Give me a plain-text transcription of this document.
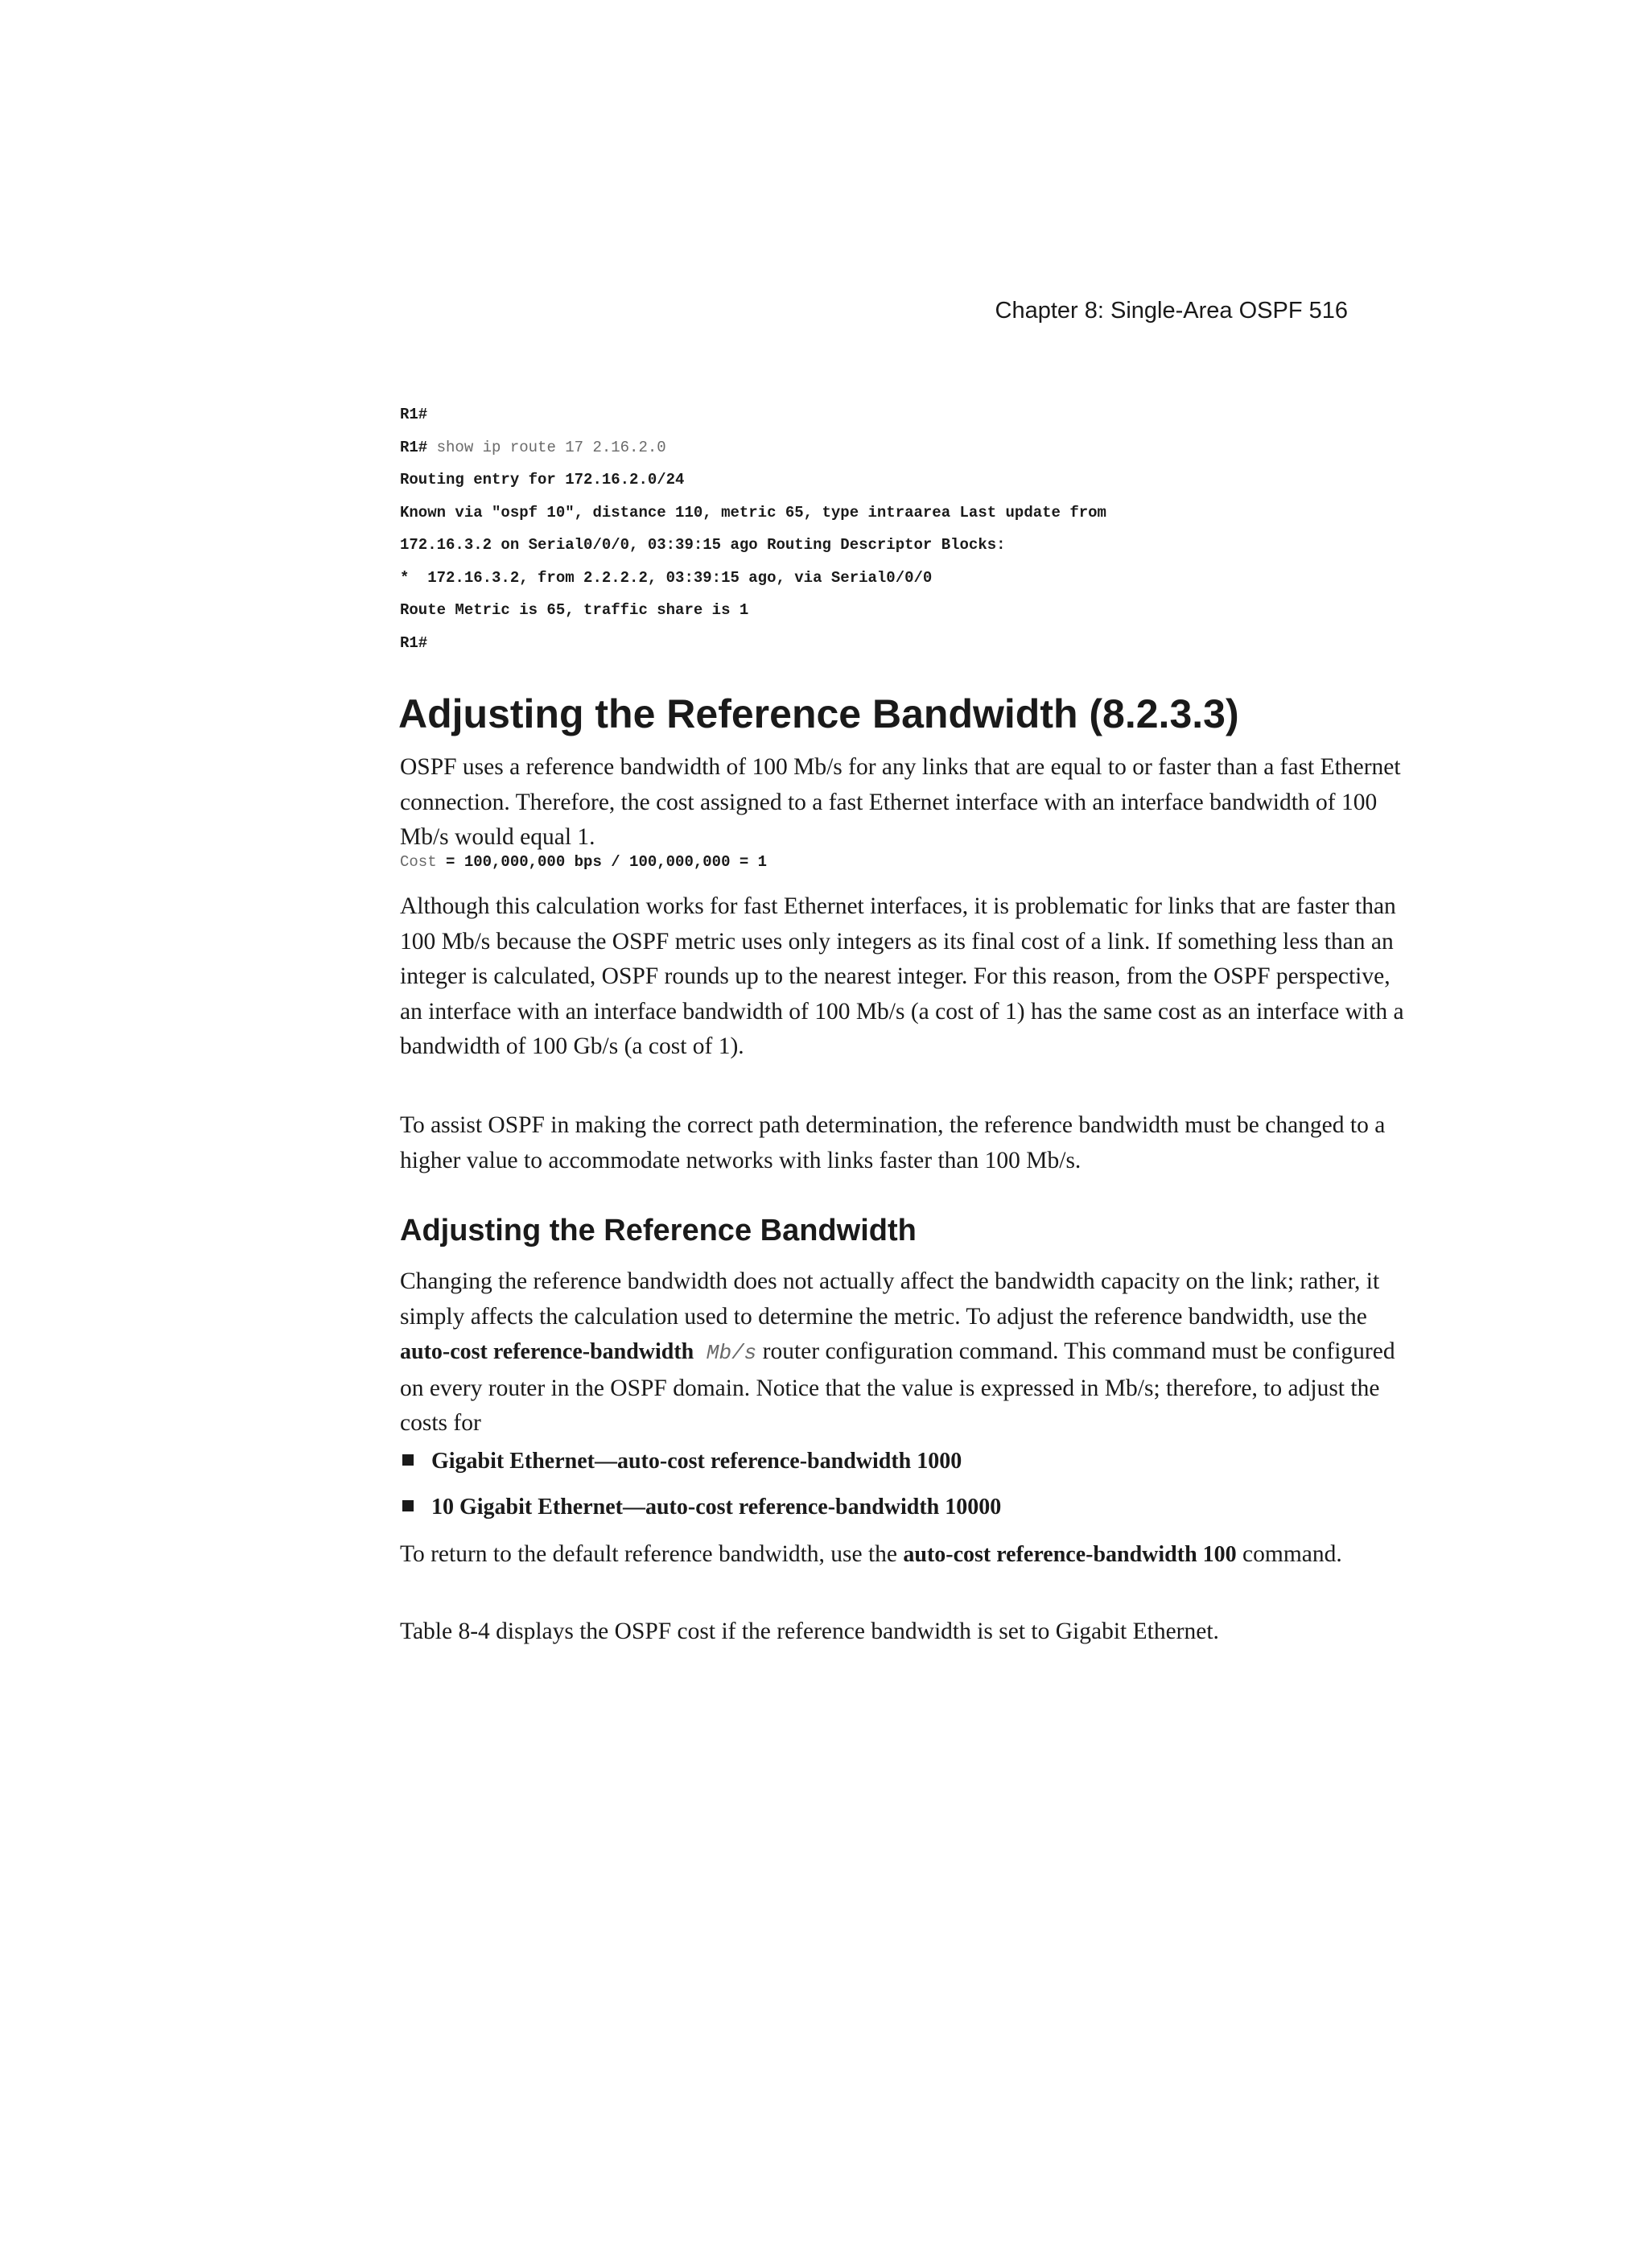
Chapter 8: Single-Area OSPF 516
R1#
R1# show ip route 17 2.16.2.0
Routing entry for 172.16.2.0/24
Known via "ospf 10", distance 110, metric 65, type intraarea Last update from
172.16.3.2 on Serial0/0/0, 03:39:15 ago Routing Descriptor Blocks:
*  172.16.3.2, from 2.2.2.2, 03:39:15 ago, via Serial0/0/0
Route Metric is 65, traffic share is 1
R1#
Adjusting the Reference Bandwidth (8.2.3.3)

OSPF uses a reference bandwidth of 100 Mb/s for any links that are equal to or faster than a fast Ethernet connection. Therefore, the cost assigned to a fast Ethernet interface with an interface bandwidth of 100 Mb/s would equal 1.

Cost = 100,000,000 bps / 100,000,000 = 1

Although this calculation works for fast Ethernet interfaces, it is problematic for links that are faster than 100 Mb/s because the OSPF metric uses only integers as its final cost of a link. If something less than an integer is calculated, OSPF rounds up to the nearest integer. For this reason, from the OSPF perspective, an interface with an interface bandwidth of 100 Mb/s (a cost of 1) has the same cost as an interface with a bandwidth of 100 Gb/s (a cost of 1).

To assist OSPF in making the correct path determination, the reference bandwidth must be changed to a higher value to accommodate networks with links faster than 100 Mb/s.

Adjusting the Reference Bandwidth

Changing the reference bandwidth does not actually affect the bandwidth capacity on the link; rather, it simply affects the calculation used to determine the metric. To adjust the reference bandwidth, use the auto-cost reference-bandwidth Mb/s router configuration command. This command must be configured on every router in the OSPF domain. Notice that the value is expressed in Mb/s; therefore, to adjust the costs for

Gigabit Ethernet—auto-cost reference-bandwidth 1000
10 Gigabit Ethernet—auto-cost reference-bandwidth 10000

To return to the default reference bandwidth, use the auto-cost reference-bandwidth 100 command.

Table 8-4 displays the OSPF cost if the reference bandwidth is set to Gigabit Ethernet.
